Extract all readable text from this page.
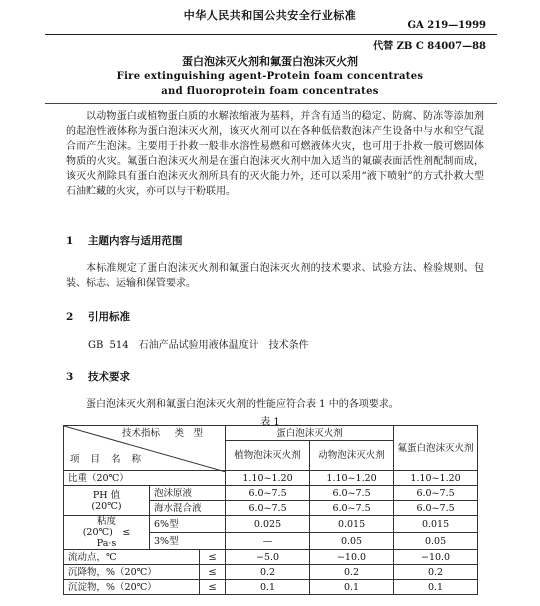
中华人民共和国公共安全行业标准
GA 219—1999
代替 ZB C 84007—88
蛋白泡沫灭火剂和氟蛋白泡沫灭火剂
Fire extinguishing agent-Protein foam concentrates
and fluoroprotein foam concentrates
以动物蛋白或植物蛋白质的水解浓缩液为基料，并含有适当的稳定、防腐、防冻等添加剂的起泡性液体称为蛋白泡沫灭火剂，该灭火剂可以在各种低倍数泡沫产生设备中与水和空气混合而产生泡沫。主要用于扑救一般非水溶性易燃和可燃液体火灾，也可用于扑救一般可燃固体物质的火灾。氟蛋白泡沫灭火剂是在蛋白泡沫灭火剂中加入适当的氟碳表面活性剂配制而成，该灭火剂除具有蛋白泡沫灭火剂所具有的灭火能力外，还可以采用“液下喷射”的方式扑救大型石油贮藏的火灾，亦可以与干粉联用。
1 主题内容与适用范围
本标准规定了蛋白泡沫灭火剂和氟蛋白泡沫灭火剂的技术要求、试验方法、检验规则、包装、标志、运输和保管要求。
2 引用标准
GB 514　石油产品试验用液体温度计　技术条件
3 技术要求
蛋白泡沫灭火剂和氟蛋白泡沫灭火剂的性能应符合表 1 中的各项要求。
表 1
技术指标 类　型
项 目 名 称			蛋白泡沫灭火剂		氟蛋白泡沫灭火剂
			植物泡沫灭火剂	动物泡沫灭火剂	
比重（20℃）			1.10~1.20	1.10~1.20	1.10~1.20
PH 值
(20℃)	泡沫原液		6.0~7.5	6.0~7.5	6.0~7.5
	海水混合液		6.0~7.5	6.0~7.5	6.0~7.5
粘度
(20℃)　≤
Pa·s	6%型		0.025	0.015	0.015
	3%型		—	0.05	0.05
流动点，℃		≤	−5.0	−10.0	−10.0
沉降物，%（20℃）		≤	0.2	0.2	0.2
沉淀物，%（20℃）		≤	0.1	0.1	0.1
